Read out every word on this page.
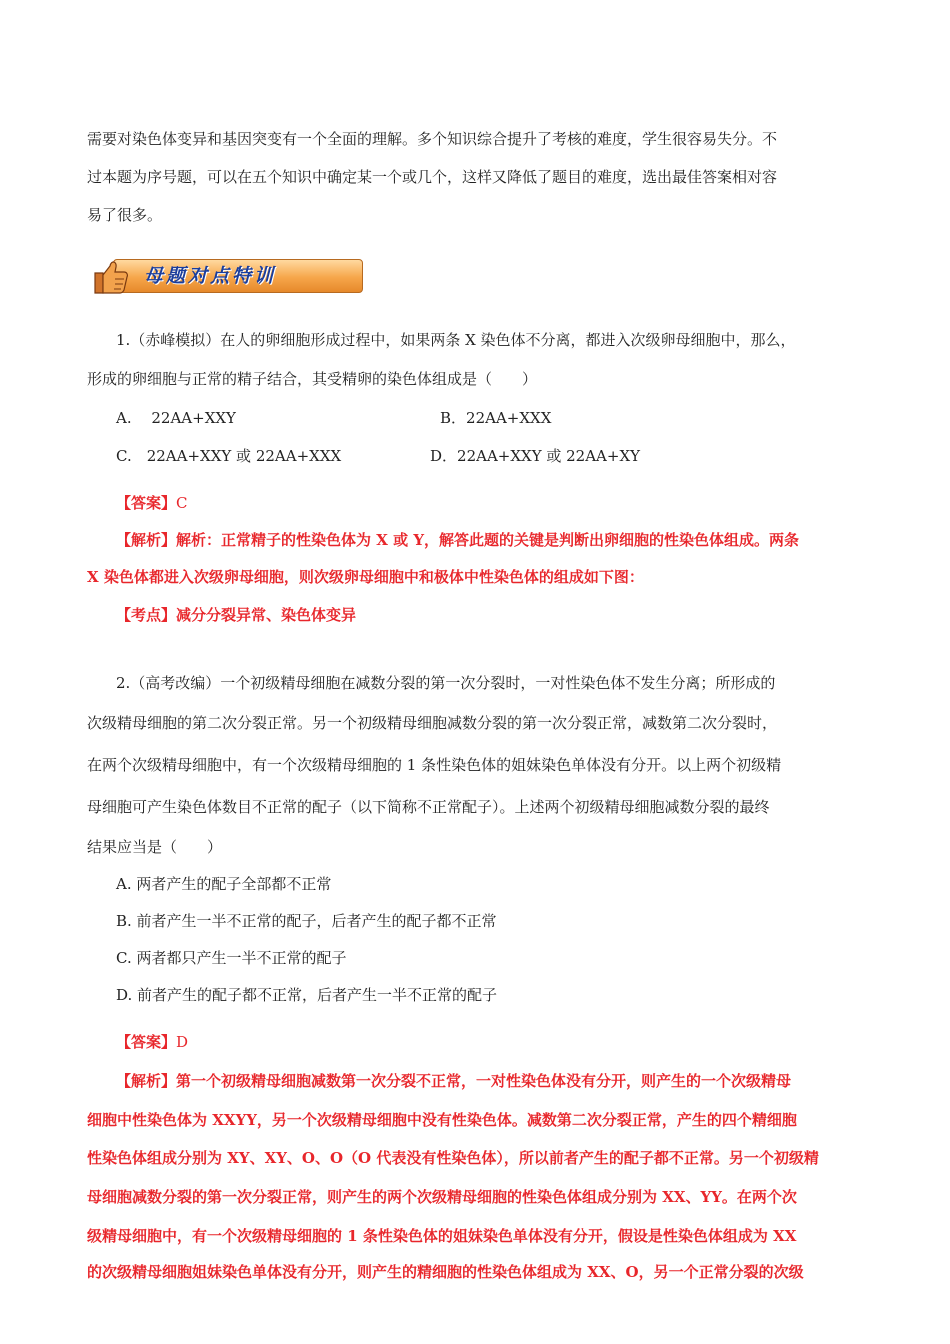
需要对染色体变异和基因突变有一个全面的理解。多个知识综合提升了考核的难度，学生很容易失分。不
过本题为序号题，可以在五个知识中确定某一个或几个，这样又降低了题目的难度，选出最佳答案相对容
易了很多。
母题对点特训
1.（赤峰模拟）在人的卵细胞形成过程中，如果两条 X 染色体不分离，都进入次级卵母细胞中，那么，
形成的卵细胞与正常的精子结合，其受精卵的染色体组成是（　　）
A.　 22AA+XXY	B．22AA+XXX
C.　22AA+XXY 或 22AA+XXX	D．22AA+XXY 或 22AA+XY
【答案】C
【解析】解析：正常精子的性染色体为 X 或 Y，解答此题的关键是判断出卵细胞的性染色体组成。两条
X 染色体都进入次级卵母细胞，则次级卵母细胞中和极体中性染色体的组成如下图：
【考点】减分分裂异常、染色体变异
2.（高考改编）一个初级精母细胞在减数分裂的第一次分裂时，一对性染色体不发生分离；所形成的
次级精母细胞的第二次分裂正常。另一个初级精母细胞减数分裂的第一次分裂正常，减数第二次分裂时，
在两个次级精母细胞中，有一个次级精母细胞的 1 条性染色体的姐妹染色单体没有分开。以上两个初级精
母细胞可产生染色体数目不正常的配子（以下简称不正常配子）。上述两个初级精母细胞减数分裂的最终
结果应当是（　　）
A. 两者产生的配子全部都不正常
B. 前者产生一半不正常的配子，后者产生的配子都不正常
C. 两者都只产生一半不正常的配子
D. 前者产生的配子都不正常，后者产生一半不正常的配子
【答案】D
【解析】第一个初级精母细胞减数第一次分裂不正常，一对性染色体没有分开，则产生的一个次级精母
细胞中性染色体为 XXYY，另一个次级精母细胞中没有性染色体。减数第二次分裂正常，产生的四个精细胞
性染色体组成分别为 XY、XY、O、O（O 代表没有性染色体），所以前者产生的配子都不正常。另一个初级精
母细胞减数分裂的第一次分裂正常，则产生的两个次级精母细胞的性染色体组成分别为 XX、YY。在两个次
级精母细胞中，有一个次级精母细胞的 1 条性染色体的姐妹染色单体没有分开，假设是性染色体组成为 XX
的次级精母细胞姐妹染色单体没有分开，则产生的精细胞的性染色体组成为 XX、O，另一个正常分裂的次级
